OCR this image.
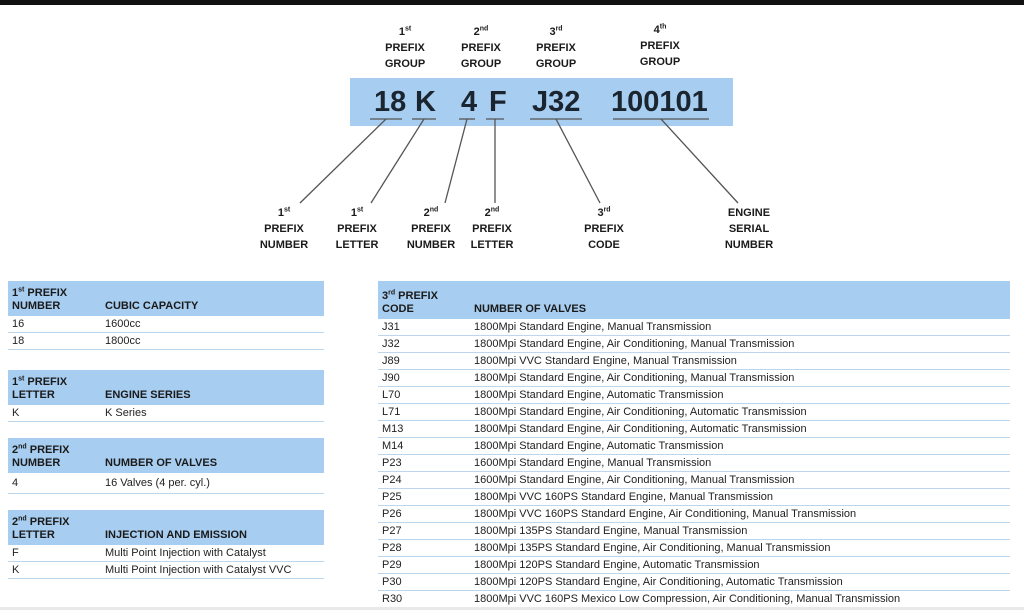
1st
PREFIX
GROUP
2nd
PREFIX
GROUP
3rd
PREFIX
GROUP
4th
PREFIX
GROUP
18 K 4 F J32 100101
1st
PREFIX
NUMBER
1st
PREFIX
LETTER
2nd
PREFIX
NUMBER
2nd
PREFIX
LETTER
3rd
PREFIX
CODE
ENGINE
SERIAL
NUMBER
1st PREFIX
NUMBER	CUBIC CAPACITY
16	1600cc
18	1800cc
1st PREFIX
LETTER	ENGINE SERIES
K	K Series
2nd PREFIX
NUMBER	NUMBER OF VALVES
4	16 Valves (4 per. cyl.)
2nd PREFIX
LETTER	INJECTION AND EMISSION
F	Multi Point Injection with Catalyst
K	Multi Point Injection with Catalyst VVC
3rd PREFIX
CODE	NUMBER OF VALVES
J31	1800Mpi Standard Engine, Manual Transmission
J32	1800Mpi Standard Engine, Air Conditioning, Manual Transmission
J89	1800Mpi VVC Standard Engine, Manual Transmission
J90	1800Mpi Standard Engine, Air Conditioning, Manual Transmission
L70	1800Mpi Standard Engine, Automatic Transmission
L71	1800Mpi Standard Engine, Air Conditioning, Automatic Transmission
M13	1800Mpi Standard Engine, Air Conditioning, Automatic Transmission
M14	1800Mpi Standard Engine, Automatic Transmission
P23	1600Mpi Standard Engine, Manual Transmission
P24	1600Mpi Standard Engine, Air Conditioning, Manual Transmission
P25	1800Mpi VVC 160PS Standard Engine, Manual Transmission
P26	1800Mpi VVC 160PS Standard Engine, Air Conditioning, Manual Transmission
P27	1800Mpi 135PS Standard Engine, Manual Transmission
P28	1800Mpi 135PS Standard Engine, Air Conditioning, Manual Transmission
P29	1800Mpi 120PS Standard Engine, Automatic Transmission
P30	1800Mpi 120PS Standard Engine, Air Conditioning, Automatic Transmission
R30	1800Mpi VVC 160PS Mexico Low Compression, Air Conditioning, Manual Transmission
